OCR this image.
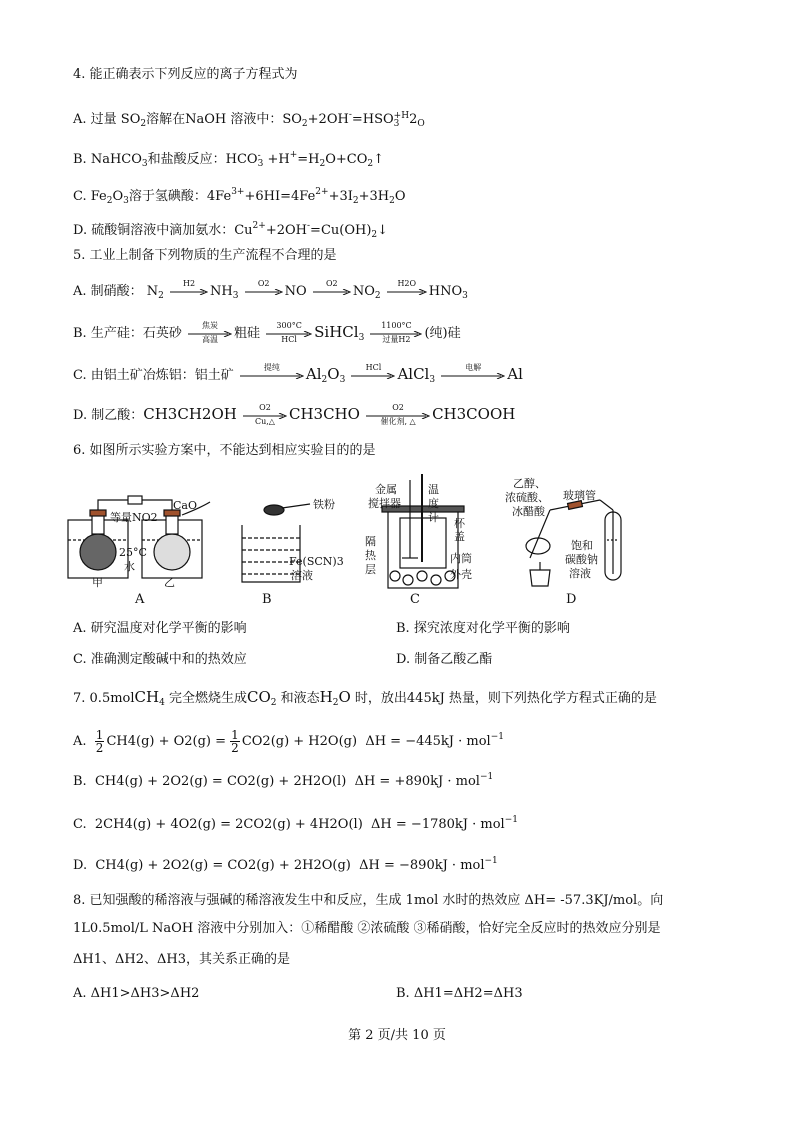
4. 能正确表示下列反应的离子方程式为
A. 过量 $SO_2$溶解在NaOH 溶液中：$SO_2+2OH^-=HSO +H$
3 $2_O$
B. NaHCO$_3$和盐酸反应：HCO -
$3 +H^+=H_2O+CO_2↑$
C. $Fe_2O_3$溶于氢碘酸：$4Fe^{3+}+6HI=4Fe^{2+}+3I_2+3H_2O$
D. 硫酸铜溶液中滴加氨水：$Cu^{2+}+2OH^-=Cu(OH)_2↓$
5. 工业上制备下列物质的生产流程不合理的是
A. 制硝酸： $N_2$
H2
$NH_3$
O2
NO
O2
$NO_2$
H2O
$HNO_3$
B. 生产硅：石英砂
焦炭
高温	粗硅
300°C
HCl	SiHCl$_3$
1100°C
过量H2	(纯)硅
C. 由铝土矿冶炼铝：铝土矿
提纯	$Al_2O_3$
HCl	AlCl$_3$
电解	Al
D. 制乙酸：CH3CH2OH	O2
Cu,△ CH3CHO	O2
催化剂, △	CH3COOH
6. 如图所示实验方案中，不能达到相应实验目的的是
等量NO2
CaO
25°C
水
甲	乙
A
铁粉
Fe(SCN)3
溶液
B
金属
搅拌器
温
度
计 杯
盖
隔
热
层
内筒
外壳
C
乙醇、
浓硫酸、
冰醋酸
玻璃管
饱和
碳酸钠
溶液
D
A. 研究温度对化学平衡的影响	B. 探究浓度对化学平衡的影响
C. 准确测定酸碱中和的热效应	D. 制备乙酸乙酯
7. 0.5molCH$_4$ 完全燃烧生成$CO_2$ 和液态$H_2O$ 时，放出445kJ 热量，则下列热化学方程式正确的是
A. $\frac{1}{2} CH4(g) + O2(g) = \frac{1}{2} CO2(g) + H2O(g) \Delta H = -445kJ \cdot mol^{-1}$
B. CH4(g) + 2O2(g) = CO2(g) + 2H2O(l) ΔH = +890kJ · mol$^{-1}$
C. 2CH4(g) + 4O2(g) = 2CO2(g) + 4H2O(l) ΔH = −1780kJ · mol$^{-1}$
D. CH4(g) + 2O2(g) = CO2(g) + 2H2O(g) ΔH = −890kJ · mol$^{-1}$
8. 已知强酸的稀溶液与强碱的稀溶液发生中和反应，生成 1mol 水时的热效应 ΔH= -57.3KJ/mol。向
1L0.5mol/L NaOH 溶液中分别加入：①稀醋酸 ②浓硫酸 ③稀硝酸，恰好完全反应时的热效应分别是
ΔH1、ΔH2、ΔH3，其关系正确的是
A. ΔH1>ΔH3>ΔH2	B. ΔH1=ΔH2=ΔH3
第 2 页/共 10 页
